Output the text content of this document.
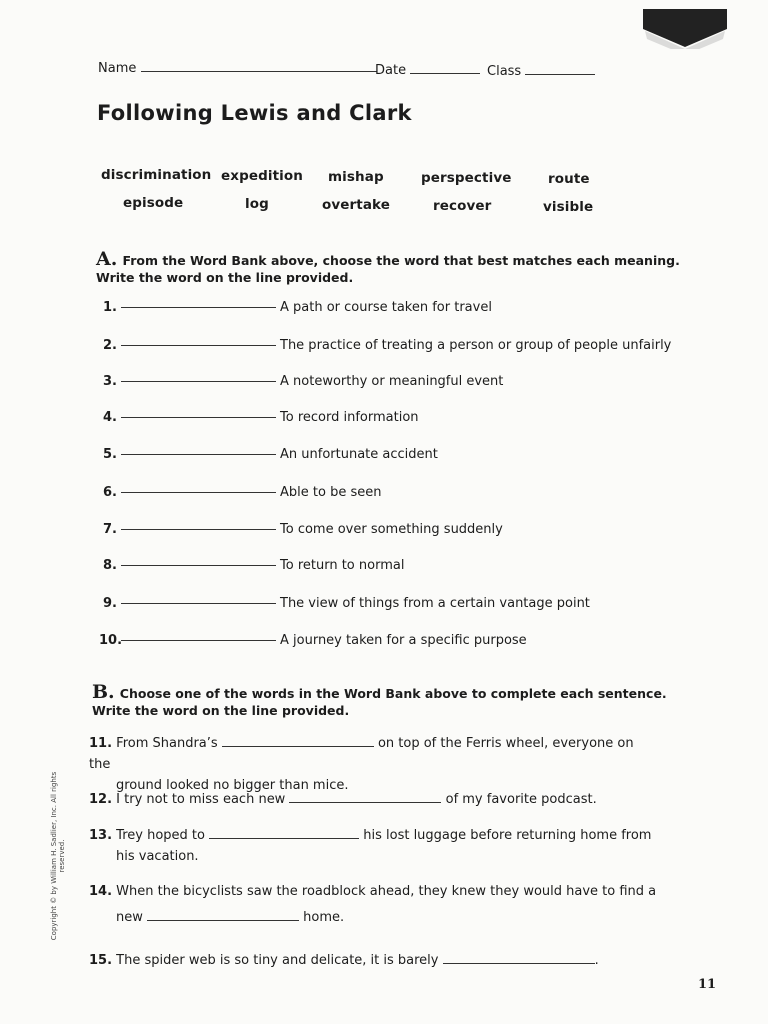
Name	Date	Class
Following Lewis and Clark
discrimination expedition mishap	perspective	route
episode	log	overtake	recover	visible
A. From the Word Bank above, choose the word that best matches each meaning.
Write the word on the line provided.
1.	A path or course taken for travel
2.	The practice of treating a person or group of people unfairly
3.	A noteworthy or meaningful event
4.	To record information
5.	An unfortunate accident
6.	Able to be seen
7.	To come over something suddenly
8.	To return to normal
9.	The view of things from a certain vantage point
10.	A journey taken for a specific purpose
B. Choose one of the words in the Word Bank above to complete each sentence.
Write the word on the line provided.
11. From Shandra’s	on top of the Ferris wheel, everyone on the
ground looked no bigger than mice.
12. I try not to miss each new	of my favorite podcast.
13. Trey hoped to	his lost luggage before returning home from
his vacation.
14. When the bicyclists saw the roadblock ahead, they knew they would have to find a
new	home.
15. The spider web is so tiny and delicate, it is barely	.
Copyright © by William H. Sadlier, Inc. All rights reserved.
11
